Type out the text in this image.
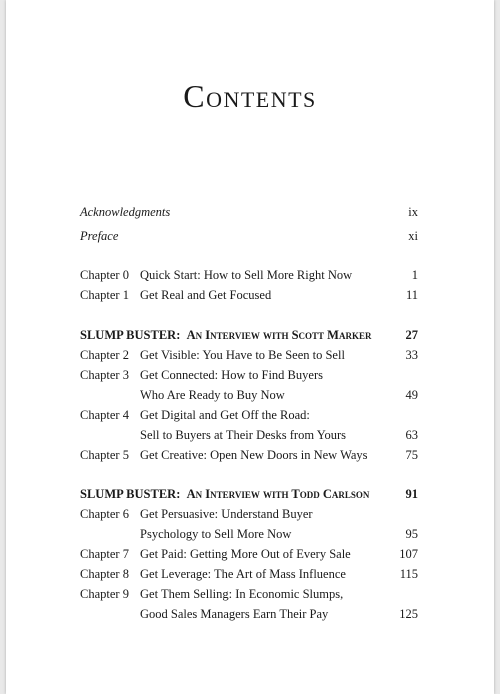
Contents
Acknowledgments	ix
Preface	xi
Chapter 0 Quick Start: How to Sell More Right Now	1
Chapter 1 Get Real and Get Focused	11
SLUMP BUSTER: An Interview with Scott Marker	27
Chapter 2 Get Visible: You Have to Be Seen to Sell	33
Chapter 3 Get Connected: How to Find Buyers
Who Are Ready to Buy Now	49
Chapter 4 Get Digital and Get Off the Road:
Sell to Buyers at Their Desks from Yours	63
Chapter 5 Get Creative: Open New Doors in New Ways	75
SLUMP BUSTER: An Interview with Todd Carlson	91
Chapter 6 Get Persuasive: Understand Buyer
Psychology to Sell More Now	95
Chapter 7 Get Paid: Getting More Out of Every Sale	107
Chapter 8 Get Leverage: The Art of Mass Influence	115
Chapter 9 Get Them Selling: In Economic Slumps,
Good Sales Managers Earn Their Pay	125
